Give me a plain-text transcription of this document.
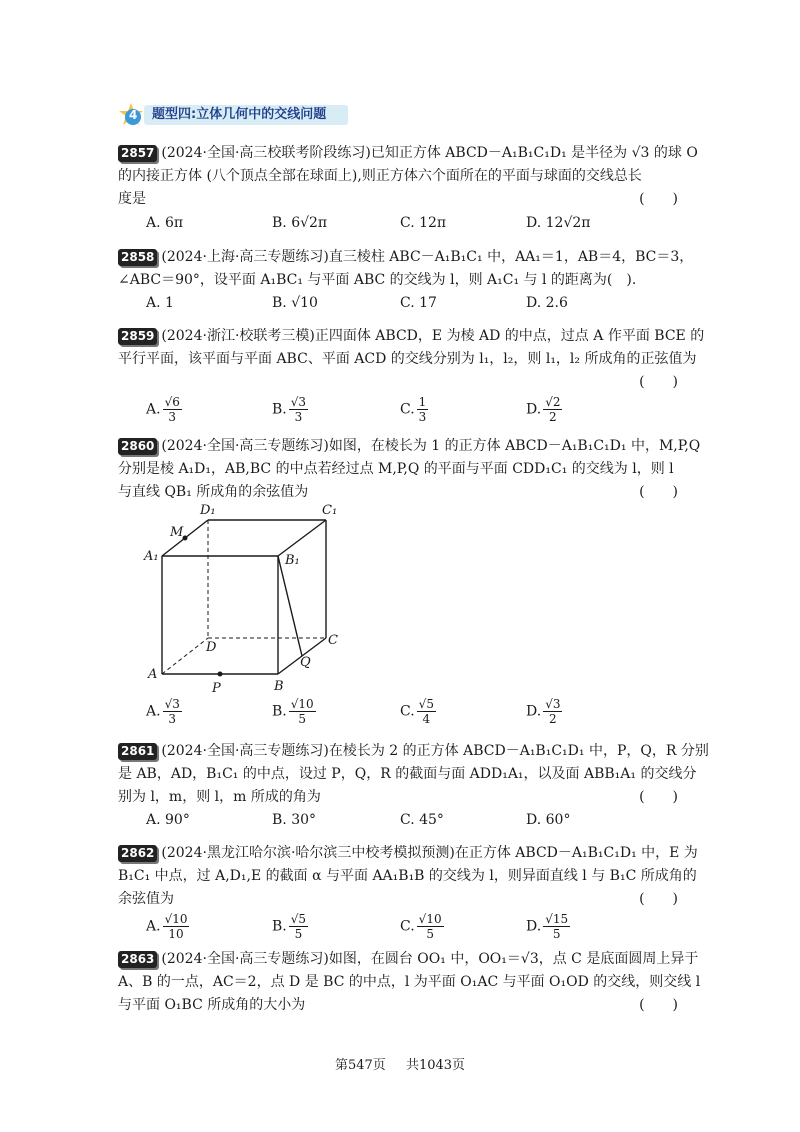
4 题型四:立体几何中的交线问题
2857 (2024·全国·高三校联考阶段练习)已知正方体 ABCD－A₁B₁C₁D₁ 是半径为 √3 的球 O
的内接正方体 (八个顶点全部在球面上),则正方体六个面所在的平面与球面的交线总长
度是	(　　)
A. 6π	B. 6√2π	C. 12π	D. 12√2π
2858 (2024·上海·高三专题练习)直三棱柱 ABC－A₁B₁C₁ 中，AA₁＝1，AB＝4，BC＝3，
∠ABC＝90°，设平面 A₁BC₁ 与平面 ABC 的交线为 l，则 A₁C₁ 与 l 的距离为(　).
A. 1	B. √10	C. 17	D. 2.6
2859 (2024·浙江·校联考三模)正四面体 ABCD，E 为棱 AD 的中点，过点 A 作平面 BCE 的
平行平面，该平面与平面 ABC、平面 ACD 的交线分别为 l₁，l₂，则 l₁，l₂ 所成角的正弦值为
(　　)
A. $\frac{√6}{3}$	B. $\frac{√3}{3}$	C. $\frac{1}{3}$	D. $\frac{√2}{2}$
2860 (2024·全国·高三专题练习)如图，在棱长为 1 的正方体 ABCD－A₁B₁C₁D₁ 中，M,P,Q
分别是棱 A₁D₁，AB,BC 的中点若经过点 M,P,Q 的平面与平面 CDD₁C₁ 的交线为 l，则 l
与直线 QB₁ 所成角的余弦值为	(　　)
A. $\frac{√3}{3}$	B. $\frac{√10}{5}$	C. $\frac{√5}{4}$	D. $\frac{√3}{2}$
D₁	C₁
M
A₁	B₁
D	C
Q
A
P	B
2861 (2024·全国·高三专题练习)在棱长为 2 的正方体 ABCD－A₁B₁C₁D₁ 中，P，Q，R 分别
是 AB，AD，B₁C₁ 的中点，设过 P，Q，R 的截面与面 ADD₁A₁，以及面 ABB₁A₁ 的交线分
别为 l，m，则 l，m 所成的角为	(　　)
A. 90°	B. 30°	C. 45°	D. 60°
2862 (2024·黑龙江哈尔滨·哈尔滨三中校考模拟预测)在正方体 ABCD－A₁B₁C₁D₁ 中，E 为
B₁C₁ 中点，过 A,D₁,E 的截面 α 与平面 AA₁B₁B 的交线为 l，则异面直线 l 与 B₁C 所成角的
余弦值为	(　　)
A. $\frac{√10}{10}$	B. $\frac{√5}{5}$	C. $\frac{√10}{5}$	D. $\frac{√15}{5}$
2863 (2024·全国·高三专题练习)如图，在圆台 OO₁ 中，OO₁＝√3，点 C 是底面圆周上异于
A、B 的一点，AC＝2，点 D 是 BC 的中点，l 为平面 O₁AC 与平面 O₁OD 的交线，则交线 l
与平面 O₁BC 所成角的大小为	(　　)
第547页 共1043页
